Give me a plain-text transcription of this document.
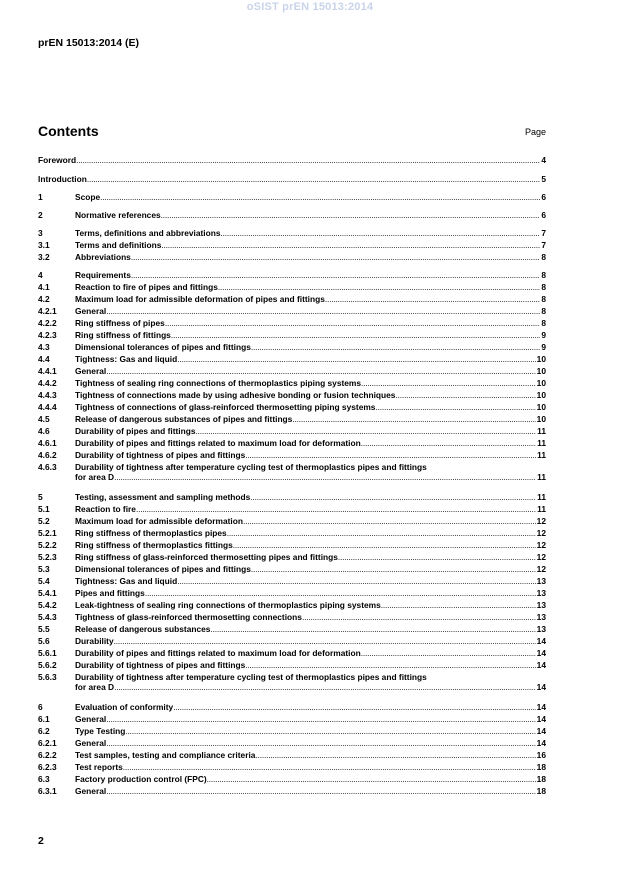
oSIST prEN 15013:2014
prEN 15013:2014 (E)
Contents	Page
Foreword .....	4
Introduction .....	5
1	Scope .....	6
2	Normative references .....	6
3	Terms, definitions and abbreviations .....	7
3.1	Terms and definitions .....	7
3.2	Abbreviations .....	8
4	Requirements .....	8
4.1	Reaction to fire of pipes and fittings .....	8
4.2	Maximum load for admissible deformation of pipes and fittings .....	8
4.2.1	General .....	8
4.2.2	Ring stiffness of pipes .....	8
4.2.3	Ring stiffness of fittings .....	9
4.3	Dimensional tolerances of pipes and fittings .....	9
4.4	Tightness: Gas and liquid .....	10
4.4.1	General .....	10
4.4.2	Tightness of sealing ring connections of thermoplastics piping systems .....	10
4.4.3	Tightness of connections made by using adhesive bonding or fusion techniques .....	10
4.4.4	Tightness of connections of glass-reinforced thermosetting piping systems .....	10
4.5	Release of dangerous substances of pipes and fittings .....	10
4.6	Durability of pipes and fittings .....	11
4.6.1	Durability of pipes and fittings related to maximum load for deformation .....	11
4.6.2	Durability of tightness of pipes and fittings .....	11
4.6.3	Durability of tightness after temperature cycling test of thermoplastics pipes and fittings
for area D .....	11
5	Testing, assessment and sampling methods .....	11
5.1	Reaction to fire .....	11
5.2	Maximum load for admissible deformation .....	12
5.2.1	Ring stiffness of thermoplastics pipes .....	12
5.2.2	Ring stiffness of thermoplastics fittings .....	12
5.2.3	Ring stiffness of glass-reinforced thermosetting pipes and fittings .....	12
5.3	Dimensional tolerances of pipes and fittings .....	12
5.4	Tightness: Gas and liquid .....	13
5.4.1	Pipes and fittings .....	13
5.4.2	Leak-tightness of sealing ring connections of thermoplastics piping systems .....	13
5.4.3	Tightness of glass-reinforced thermosetting connections .....	13
5.5	Release of dangerous substances .....	13
5.6	Durability .....	14
5.6.1	Durability of pipes and fittings related to maximum load for deformation .....	14
5.6.2	Durability of tightness of pipes and fittings .....	14
5.6.3	Durability of tightness after temperature cycling test of thermoplastics pipes and fittings
for area D .....	14
6	Evaluation of conformity .....	14
6.1	General .....	14
6.2	Type Testing .....	14
6.2.1	General .....	14
6.2.2	Test samples, testing and compliance criteria .....	16
6.2.3	Test reports .....	18
6.3	Factory production control (FPC) .....	18
6.3.1	General .....	18
2
